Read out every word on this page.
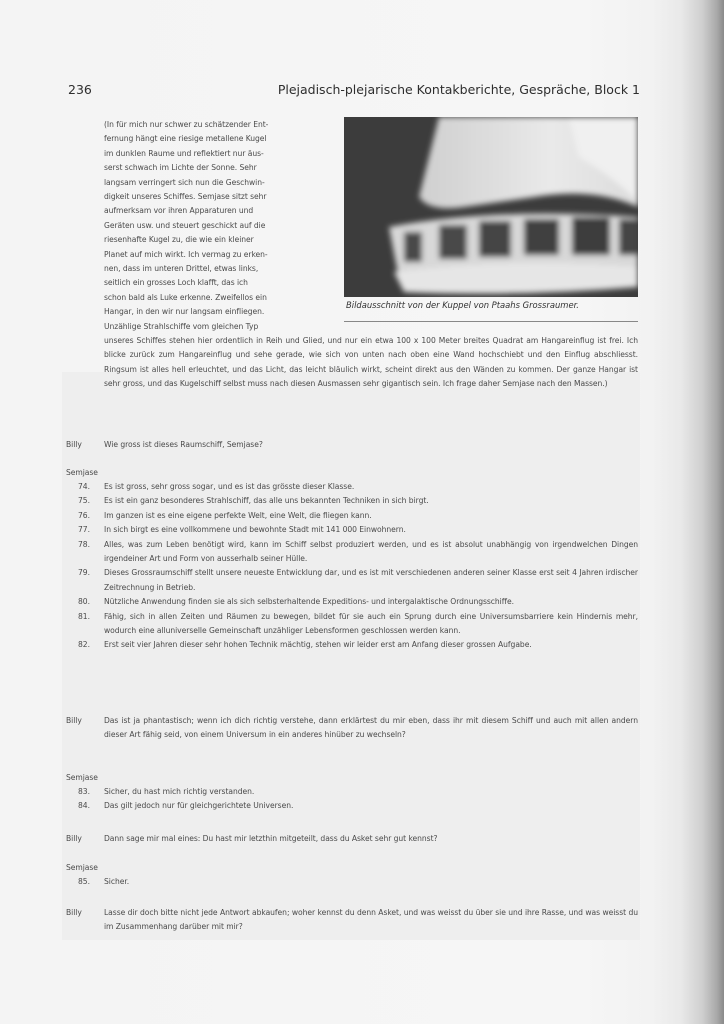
236	Plejadisch-plejarische Kontakberichte, Gespräche, Block 1

(In für mich nur schwer zu schätzender Ent-

fernung hängt eine riesige metallene Kugel

im dunklen Raume und reflektiert nur äus-

serst schwach im Lichte der Sonne. Sehr

langsam verringert sich nun die Geschwin-

digkeit unseres Schiffes. Semjase sitzt sehr

aufmerksam vor ihren Apparaturen und

Geräten usw. und steuert geschickt auf die

riesenhafte Kugel zu, die wie ein kleiner

Planet auf mich wirkt. Ich vermag zu erken-

nen, dass im unteren Drittel, etwas links,

seitlich ein grosses Loch klafft, das ich

schon bald als Luke erkenne. Zweifellos ein

Hangar, in den wir nur langsam einfliegen.

Unzählige Strahlschiffe vom gleichen Typ

Bildausschnitt von der Kuppel von Ptaahs Grossraumer.
unseres Schiffes stehen hier ordentlich in Reih und Glied, und nur ein etwa 100 x 100 Meter breites Quadrat am Hangareinflug ist frei. Ich blicke zurück zum Hangareinflug und sehe gerade, wie sich von unten nach oben eine Wand hochschiebt und den Einflug abschliesst. Ringsum ist alles hell erleuchtet, und das Licht, das leicht bläulich wirkt, scheint direkt aus den Wänden zu kommen. Der ganze Hangar ist sehr gross, und das Kugelschiff selbst muss nach diesen Ausmassen sehr gigantisch sein. Ich frage daher Semjase nach den Massen.)
Billy	Wie gross ist dieses Raumschiff, Semjase?
Semjase
74. Es ist gross, sehr gross sogar, und es ist das grösste dieser Klasse.
75. Es ist ein ganz besonderes Strahlschiff, das alle uns bekannten Techniken in sich birgt.
76. Im ganzen ist es eine eigene perfekte Welt, eine Welt, die fliegen kann.
77. In sich birgt es eine vollkommene und bewohnte Stadt mit 141 000 Einwohnern.
78. Alles, was zum Leben benötigt wird, kann im Schiff selbst produziert werden, und es ist absolut unabhängig von irgendwelchen Dingen irgendeiner Art und Form von ausserhalb seiner Hülle.
79. Dieses Grossraumschiff stellt unsere neueste Entwicklung dar, und es ist mit verschiedenen anderen seiner Klasse erst seit 4 Jahren irdischer Zeitrechnung in Betrieb.
80. Nützliche Anwendung finden sie als sich selbsterhaltende Expeditions- und intergalaktische Ordnungsschiffe.
81. Fähig, sich in allen Zeiten und Räumen zu bewegen, bildet für sie auch ein Sprung durch eine Universumsbarriere kein Hindernis mehr, wodurch eine alluniverselle Gemeinschaft unzähliger Lebensformen geschlossen werden kann.
82. Erst seit vier Jahren dieser sehr hohen Technik mächtig, stehen wir leider erst am Anfang dieser grossen Aufgabe.
Billy	Das ist ja phantastisch; wenn ich dich richtig verstehe, dann erklärtest du mir eben, dass ihr mit diesem Schiff und auch mit allen andern dieser Art fähig seid, von einem Universum in ein anderes hinüber zu wechseln?
Semjase
83. Sicher, du hast mich richtig verstanden.
84. Das gilt jedoch nur für gleichgerichtete Universen.
Billy	Dann sage mir mal eines: Du hast mir letzthin mitgeteilt, dass du Asket sehr gut kennst?
Semjase
85. Sicher.
Billy	Lasse dir doch bitte nicht jede Antwort abkaufen; woher kennst du denn Asket, und was weisst du über sie und ihre Rasse, und was weisst du im Zusammenhang darüber mit mir?
